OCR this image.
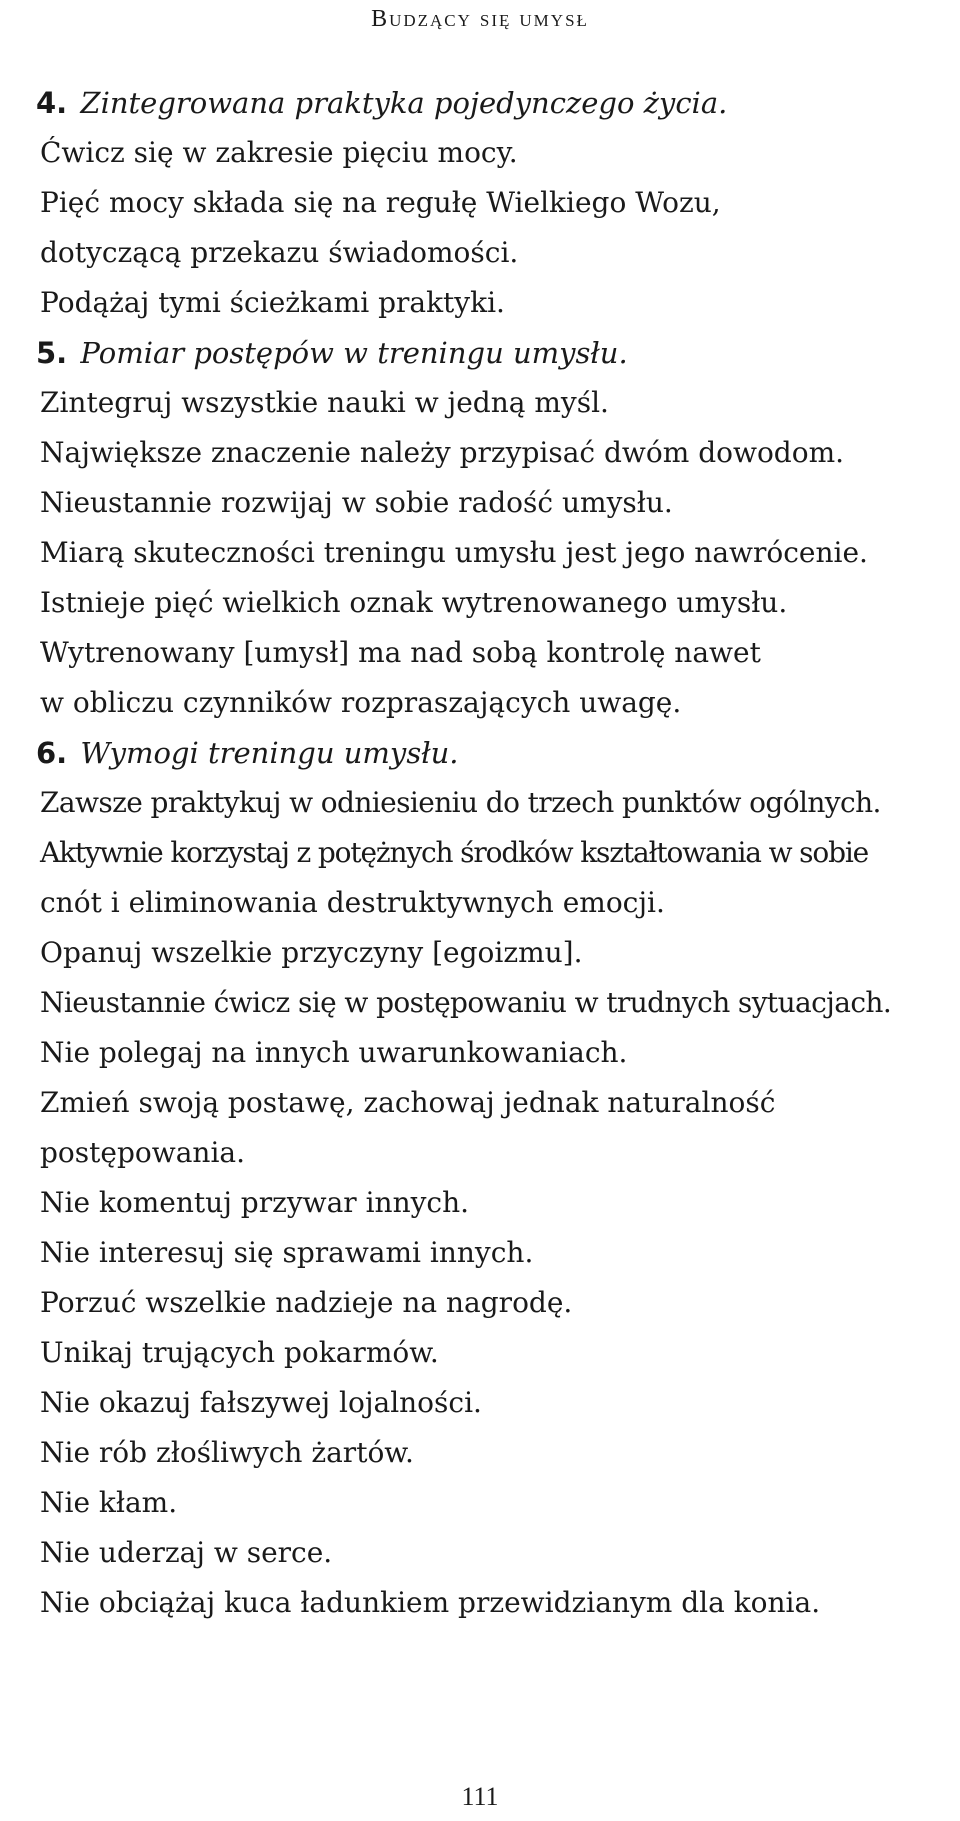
Budzący się umysł
4. Zintegrowana praktyka pojedynczego życia.
Ćwicz się w zakresie pięciu mocy.
Pięć mocy składa się na regułę Wielkiego Wozu,
dotyczącą przekazu świadomości.
Podążaj tymi ścieżkami praktyki.
5. Pomiar postępów w treningu umysłu.
Zintegruj wszystkie nauki w jedną myśl.
Największe znaczenie należy przypisać dwóm dowodom.
Nieustannie rozwijaj w sobie radość umysłu.
Miarą skuteczności treningu umysłu jest jego nawrócenie.
Istnieje pięć wielkich oznak wytrenowanego umysłu.
Wytrenowany [umysł] ma nad sobą kontrolę nawet
w obliczu czynników rozpraszających uwagę.
6. Wymogi treningu umysłu.
Zawsze praktykuj w odniesieniu do trzech punktów ogólnych.
Aktywnie korzystaj z potężnych środków kształtowania w sobie
cnót i eliminowania destruktywnych emocji.
Opanuj wszelkie przyczyny [egoizmu].
Nieustannie ćwicz się w postępowaniu w trudnych sytuacjach.
Nie polegaj na innych uwarunkowaniach.
Zmień swoją postawę, zachowaj jednak naturalność
postępowania.
Nie komentuj przywar innych.
Nie interesuj się sprawami innych.
Porzuć wszelkie nadzieje na nagrodę.
Unikaj trujących pokarmów.
Nie okazuj fałszywej lojalności.
Nie rób złośliwych żartów.
Nie kłam.
Nie uderzaj w serce.
Nie obciążaj kuca ładunkiem przewidzianym dla konia.
111
